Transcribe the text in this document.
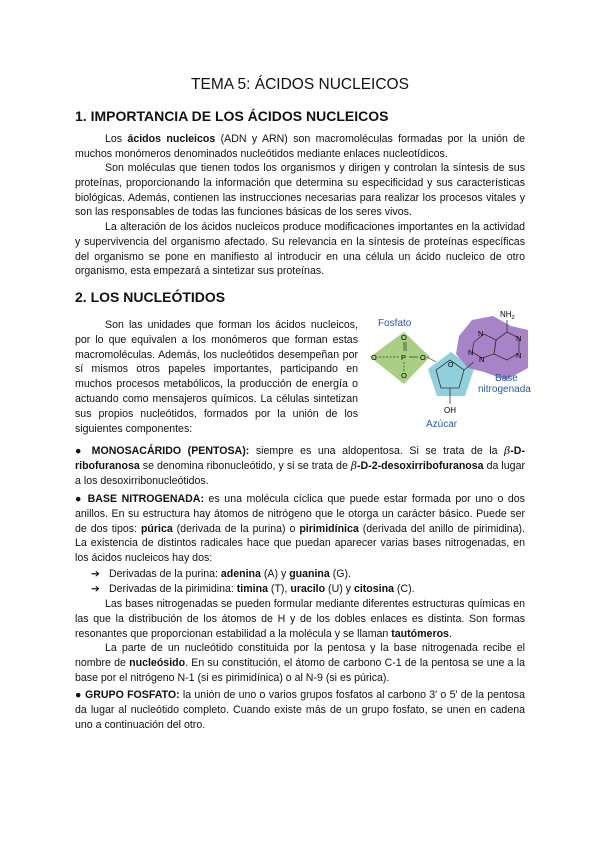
TEMA 5: ÁCIDOS NUCLEICOS
1. IMPORTANCIA DE LOS ÁCIDOS NUCLEICOS
Los ácidos nucleicos (ADN y ARN) son macromoléculas formadas por la unión de muchos monómeros denominados nucleótidos mediante enlaces nucleotídicos.
Son moléculas que tienen todos los organismos y dirigen y controlan la síntesis de sus proteínas, proporcionando la información que determina su especificidad y sus características biológicas. Además, contienen las instrucciones necesarias para realizar los procesos vitales y son las responsables de todas las funciones básicas de los seres vivos.
La alteración de los ácidos nucleicos produce modificaciones importantes en la actividad y supervivencia del organismo afectado. Su relevancia en la síntesis de proteínas específicas del organismo se pone en manifiesto al introducir en una célula un ácido nucleico de otro organismo, esta empezará a sintetizar sus proteínas.
2. LOS NUCLEÓTIDOS
Son las unidades que forman los ácidos nucleicos, por lo que equivalen a los monómeros que forman estas macromoléculas. Además, los nucleótidos desempeñan por sí mismos otros papeles importantes, participando en muchos procesos metabólicos, la producción de energía o actuando como mensajeros químicos. La células sintetizan sus propios nucleótidos, formados por la unión de los siguientes componentes:
Fosfato
Base
nitrogenada
Azúcar
O
O
P
O
O
O
OH
N
N
N
N
N
$NH_2$
● MONOSACÁRIDO (PENTOSA): siempre es una aldopentosa. Si se trata de la β-D-ribofuranosa se denomina ribonucleótido, y si se trata de β-D-2-desoxirribofuranosa da lugar a los desoxirribonucleótidos.
● BASE NITROGENADA: es una molécula cíclica que puede estar formada por uno o dos anillos. En su estructura hay átomos de nitrógeno que le otorga un carácter básico. Puede ser de dos tipos: púrica (derivada de la purina) o pirimidínica (derivada del anillo de pirimidina). La existencia de distintos radicales hace que puedan aparecer varias bases nitrogenadas, en los ácidos nucleicos hay dos:
➔ Derivadas de la purina: adenina (A) y guanina (G).
➔ Derivadas de la pirimidina: timina (T), uracilo (U) y citosina (C).
Las bases nitrogenadas se pueden formular mediante diferentes estructuras químicas en las que la distribución de los átomos de H y de los dobles enlaces es distinta. Son formas resonantes que proporcionan estabilidad a la molécula y se llaman tautómeros.
La parte de un nucleótido constituida por la pentosa y la base nitrogenada recibe el nombre de nucleósido. En su constitución, el átomo de carbono C-1 de la pentosa se une a la base por el nitrógeno N-1 (si es pirimidínica) o al N-9 (si es púrica).
● GRUPO FOSFATO: la unión de uno o varios grupos fosfatos al carbono 3' o 5' de la pentosa da lugar al nucleótido completo. Cuando existe más de un grupo fosfato, se unen en cadena uno a continuación del otro.
